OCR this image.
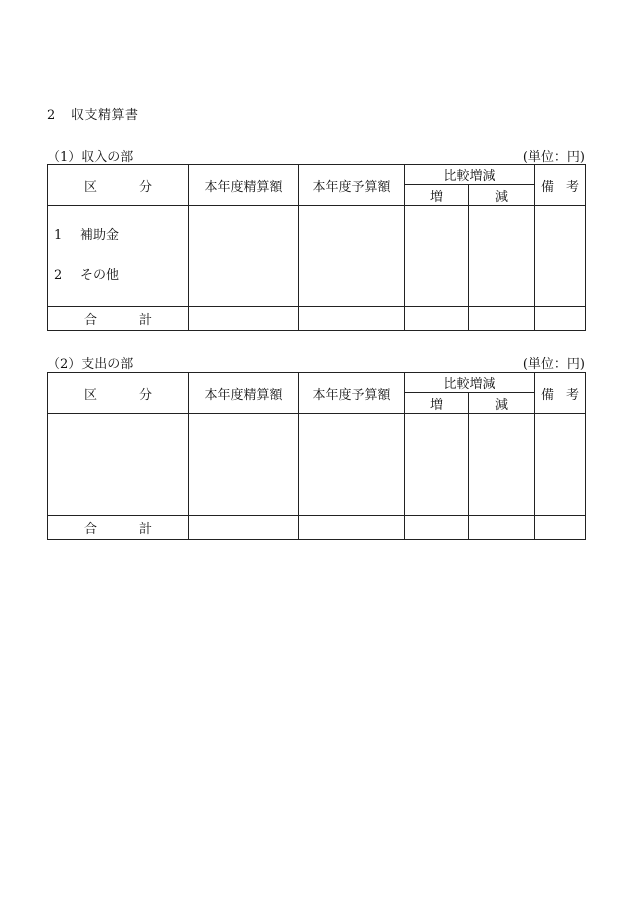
2 収支精算書
（1）収入の部	(単位：円)
区 分	本年度精算額	本年度予算額	比較増減		備 考

			増	減	

1 補助金
2 その他					

合 計					

（2）支出の部	(単位：円)
区 分	本年度精算額	本年度予算額	比較増減		備 考

			増	減	

合 計					
